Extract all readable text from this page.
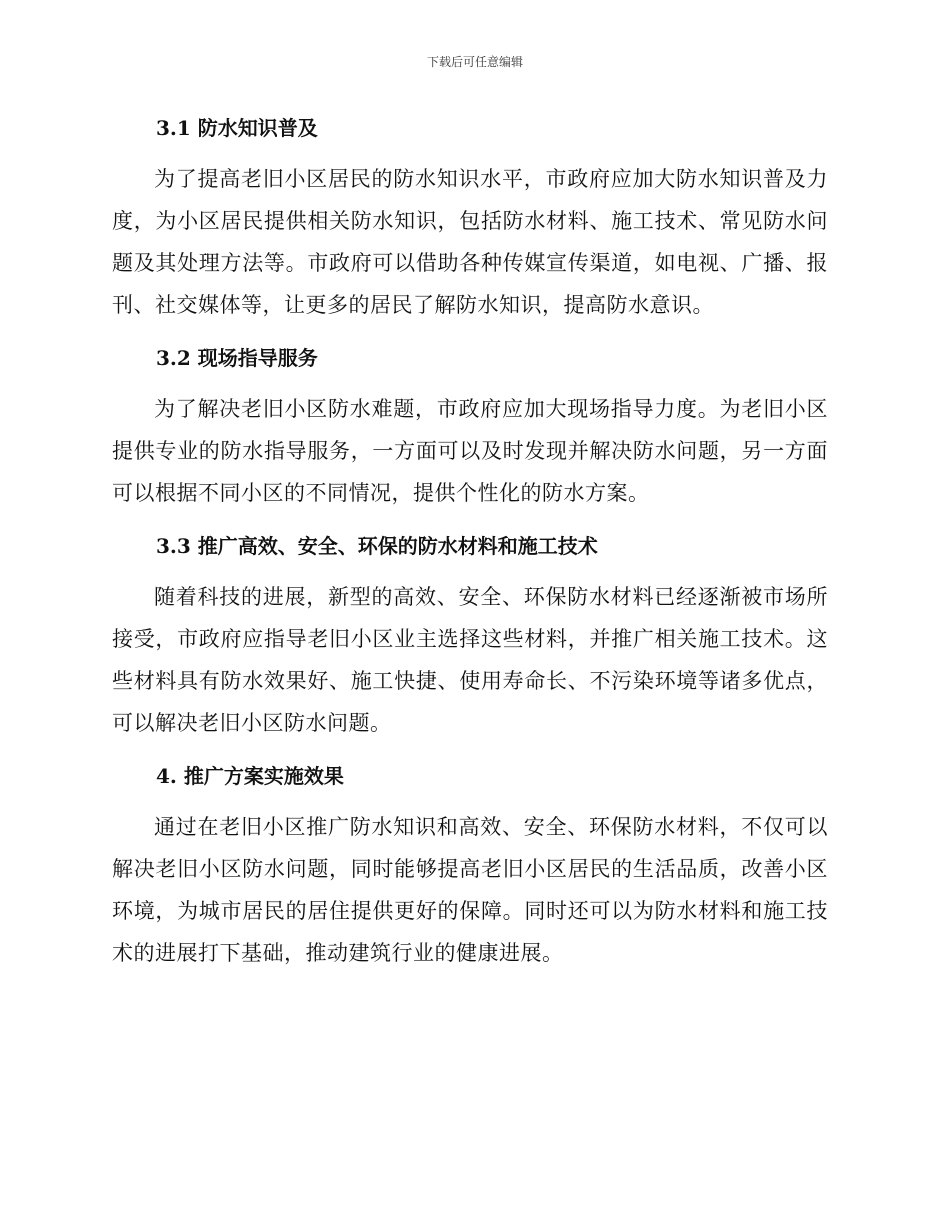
下载后可任意编辑
3.1 防水知识普及

为了提高老旧小区居民的防水知识水平，市政府应加大防水知识普及力度，为小区居民提供相关防水知识，包括防水材料、施工技术、常见防水问题及其处理方法等。市政府可以借助各种传媒宣传渠道，如电视、广播、报刊、社交媒体等，让更多的居民了解防水知识，提高防水意识。

3.2 现场指导服务

为了解决老旧小区防水难题，市政府应加大现场指导力度。为老旧小区提供专业的防水指导服务，一方面可以及时发现并解决防水问题，另一方面可以根据不同小区的不同情况，提供个性化的防水方案。

3.3 推广高效、安全、环保的防水材料和施工技术

随着科技的进展，新型的高效、安全、环保防水材料已经逐渐被市场所接受，市政府应指导老旧小区业主选择这些材料，并推广相关施工技术。这些材料具有防水效果好、施工快捷、使用寿命长、不污染环境等诸多优点，可以解决老旧小区防水问题。

4. 推广方案实施效果

通过在老旧小区推广防水知识和高效、安全、环保防水材料，不仅可以解决老旧小区防水问题，同时能够提高老旧小区居民的生活品质，改善小区环境，为城市居民的居住提供更好的保障。同时还可以为防水材料和施工技术的进展打下基础，推动建筑行业的健康进展。
